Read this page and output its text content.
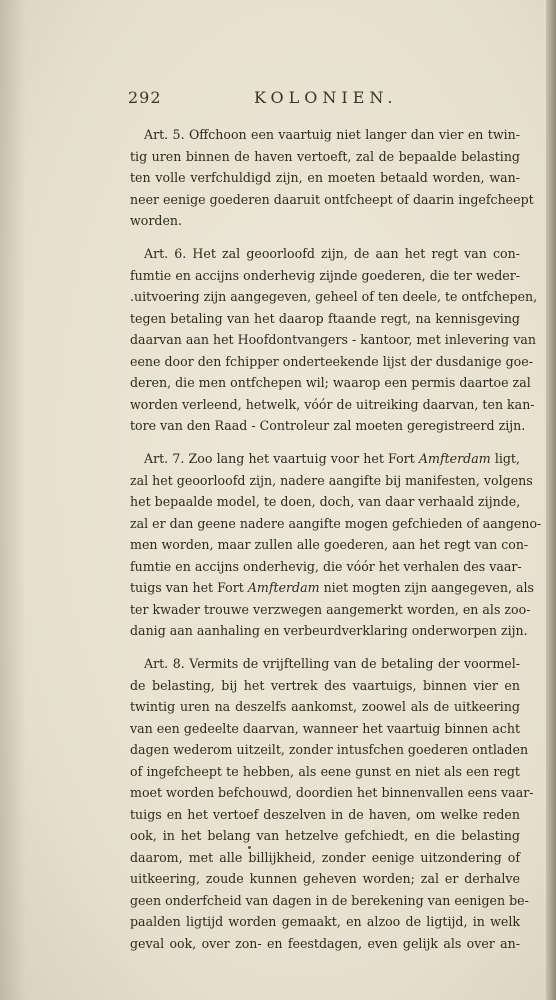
292	KOLONIEN.
Art. 5. Offchoon een vaartuig niet langer dan vier en twin-
tig uren binnen de haven vertoeft, zal de bepaalde belasting
ten volle verfchuldigd zijn, en moeten betaald worden, wan-
neer eenige goederen daaruit ontfcheept of daarin ingefcheept
worden.
Art. 6. Het zal geoorloofd zijn, de aan het regt van con-
fumtie en accijns onderhevig zijnde goederen, die ter weder-
.uitvoering zijn aangegeven, geheel of ten deele, te ontfchepen,
tegen betaling van het daarop ftaande regt, na kennisgeving
daarvan aan het Hoofdontvangers - kantoor, met inlevering van
eene door den fchipper onderteekende lijst der dusdanige goe-
deren, die men ontfchepen wil; waarop een permis daartoe zal
worden verleend, hetwelk, vóór de uitreiking daarvan, ten kan-
tore van den Raad - Controleur zal moeten geregistreerd zijn.
Art. 7. Zoo lang het vaartuig voor het Fort Amfterdam ligt,
zal het geoorloofd zijn, nadere aangifte bij manifesten, volgens
het bepaalde model, te doen, doch, van daar verhaald zijnde,
zal er dan geene nadere aangifte mogen gefchieden of aangeno-
men worden, maar zullen alle goederen, aan het regt van con-
fumtie en accijns onderhevig, die vóór het verhalen des vaar-
tuigs van het Fort Amfterdam niet mogten zijn aangegeven, als
ter kwader trouwe verzwegen aangemerkt worden, en als zoo-
danig aan aanhaling en verbeurdverklaring onderworpen zijn.
Art. 8. Vermits de vrijftelling van de betaling der voormel-
de belasting, bij het vertrek des vaartuigs, binnen vier en
twintig uren na deszelfs aankomst, zoowel als de uitkeering
van een gedeelte daarvan, wanneer het vaartuig binnen acht
dagen wederom uitzeilt, zonder intusfchen goederen ontladen
of ingefcheept te hebben, als eene gunst en niet als een regt
moet worden befchouwd, doordien het binnenvallen eens vaar-
tuigs en het vertoef deszelven in de haven, om welke reden
ook, in het belang van hetzelve gefchiedt, en die belasting
daarom, met alle billijkheid, zonder eenige uitzondering of
uitkeering, zoude kunnen geheven worden; zal er derhalve
geen onderfcheid van dagen in de berekening van eenigen be-
paalden ligtijd worden gemaakt, en alzoo de ligtijd, in welk
geval ook, over zon- en feestdagen, even gelijk als over an-
